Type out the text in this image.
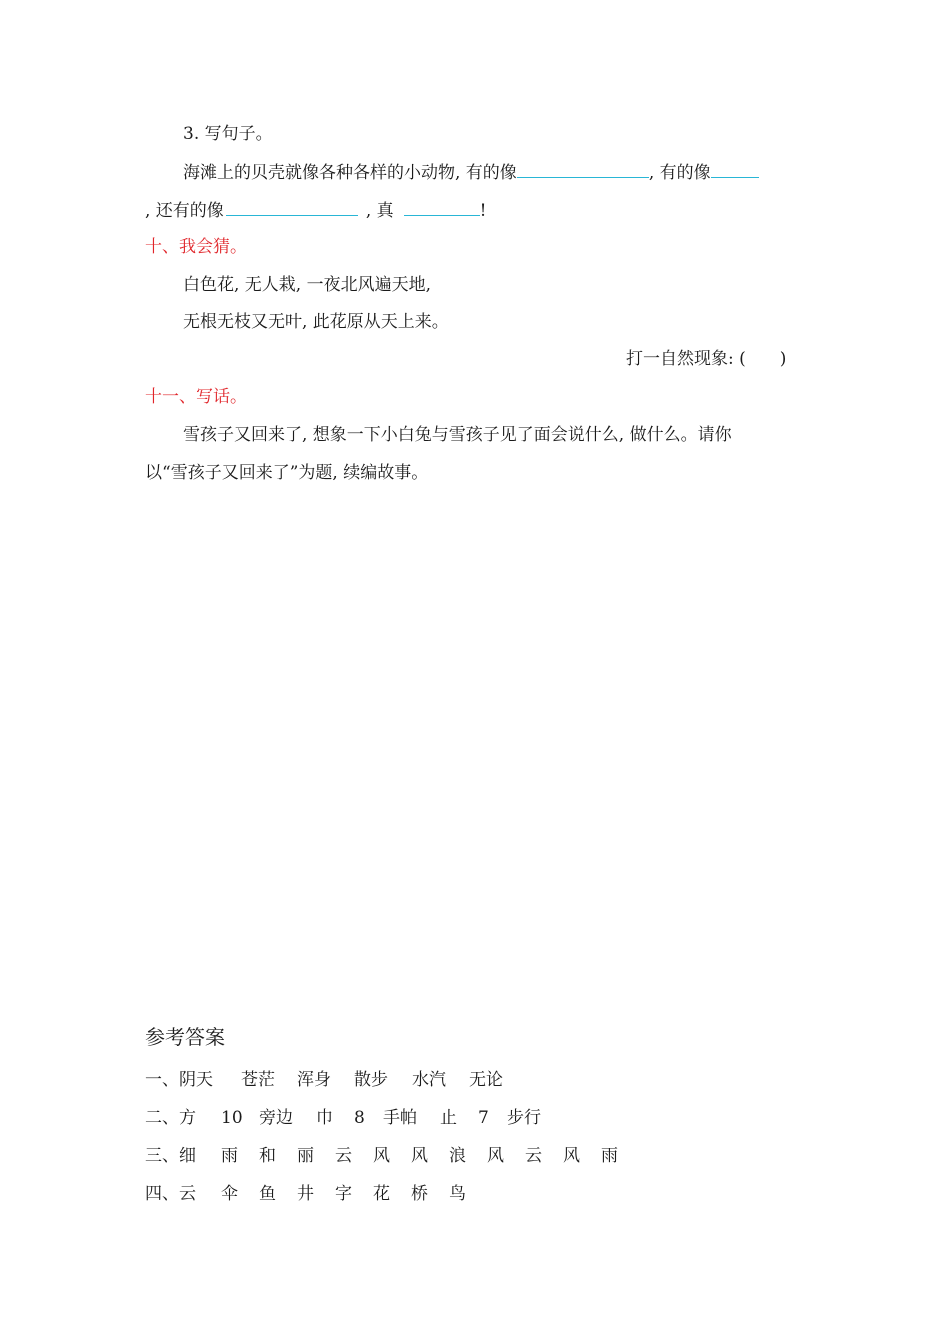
3. 写句子。
海滩上的贝壳就像各种各样的小动物, 有的像	, 有的像
, 还有的像	, 真	!
十、我会猜。
白色花, 无人栽, 一夜北风遍天地,
无根无枝又无叶, 此花原从天上来。
打一自然现象: (　　)
十一、写话。
雪孩子又回来了, 想象一下小白兔与雪孩子见了面会说什么, 做什么。请你
以“雪孩子又回来了”为题, 续编故事。
参考答案
一、阴天 苍茫 浑身 散步 水汽 无论
二、方 10 旁边 巾 8 手帕 止 7 步行
三、细 雨 和 丽 云 风 风 浪 风 云 风 雨
四、云 伞 鱼 井 字 花 桥 鸟
